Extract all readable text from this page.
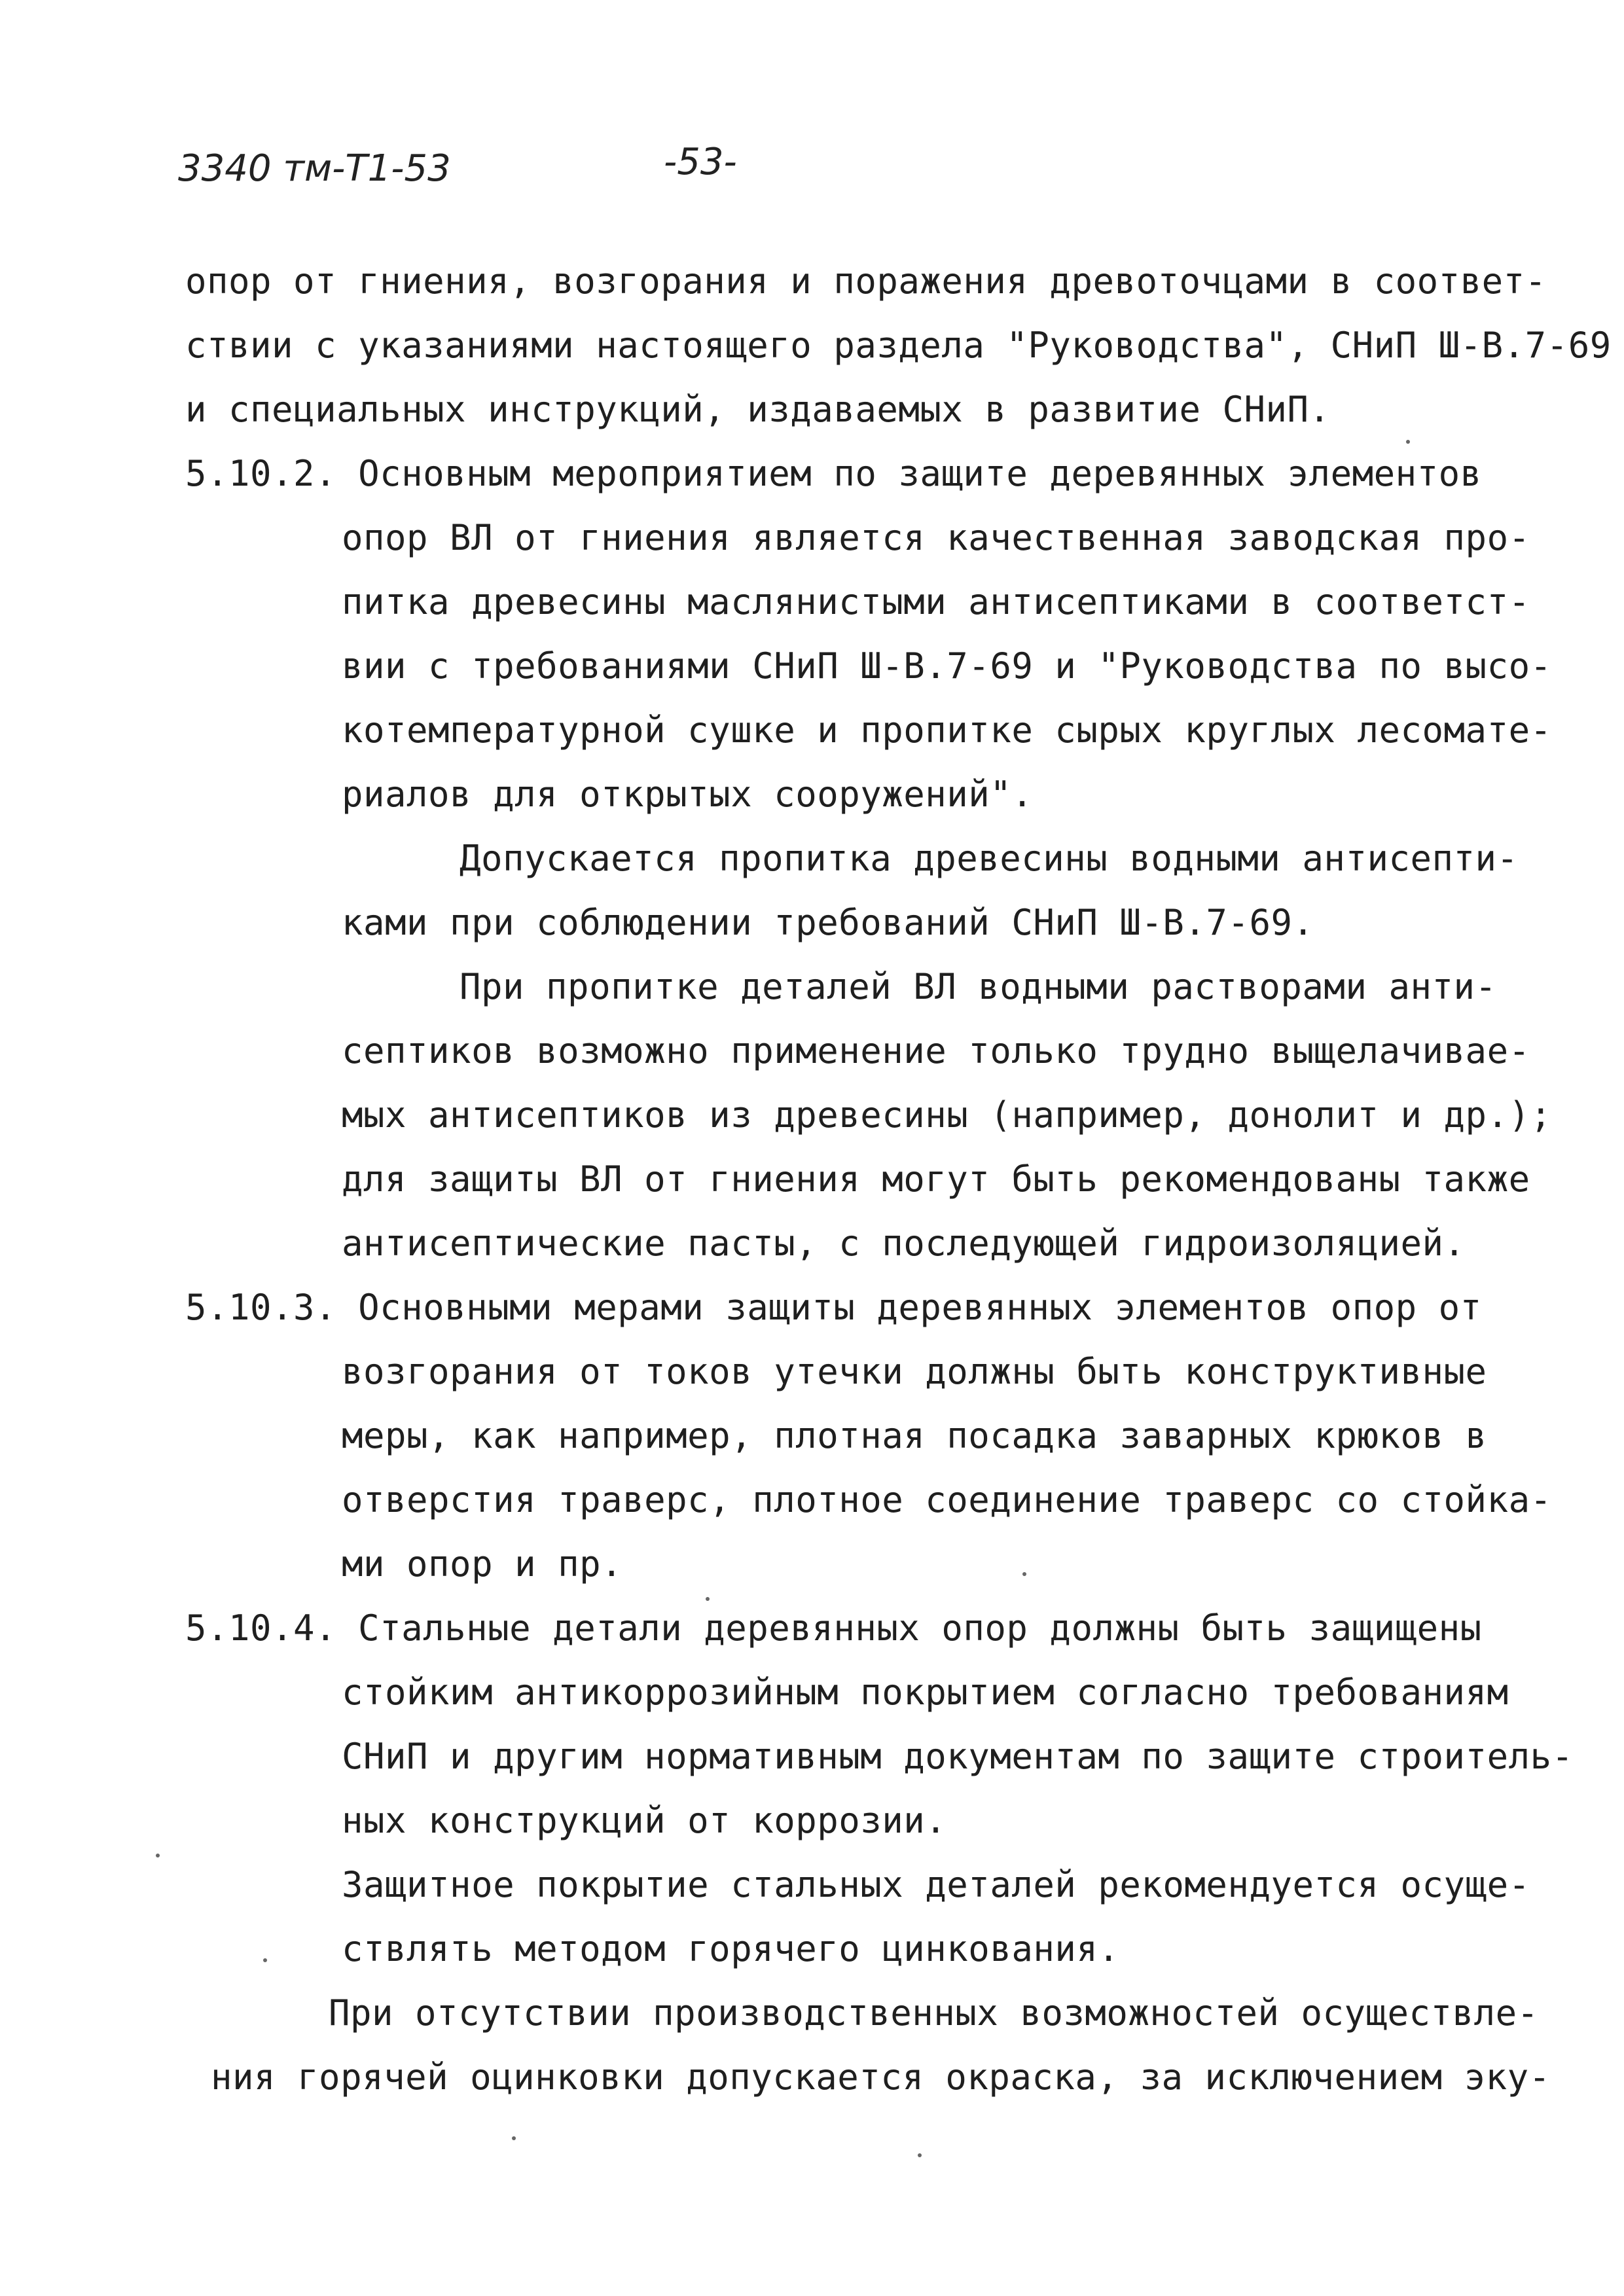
3340 тм-Т1-53	-53-
опор от гниения, возгорания и поражения древоточцами в соответ-
ствии с указаниями настоящего раздела "Руководства", СНиП Ш-В.7-69
и специальных инструкций, издаваемых в развитие СНиП.
5.10.2. Основным мероприятием по защите деревянных элементов
опор ВЛ от гниения является качественная заводская про-
питка древесины маслянистыми антисептиками в соответст-
вии с требованиями СНиП Ш-В.7-69 и "Руководства по высо-
котемпературной сушке и пропитке сырых круглых лесомате-
риалов для открытых сооружений".
Допускается пропитка древесины водными антисепти-
ками при соблюдении требований СНиП Ш-В.7-69.
При пропитке деталей ВЛ водными растворами анти-
септиков возможно применение только трудно выщелачивае-
мых антисептиков из древесины (например, донолит и др.);
для защиты ВЛ от гниения могут быть рекомендованы также
антисептические пасты, с последующей гидроизоляцией.
5.10.3. Основными мерами защиты деревянных элементов опор от
возгорания от токов утечки должны быть конструктивные
меры, как например, плотная посадка заварных крюков в
отверстия траверс, плотное соединение траверс со стойка-
ми опор и пр.
5.10.4. Стальные детали деревянных опор должны быть защищены
стойким антикоррозийным покрытием согласно требованиям
СНиП и другим нормативным документам по защите строитель-
ных конструкций от коррозии.
Защитное покрытие стальных деталей рекомендуется осуще-
ствлять методом горячего цинкования.
При отсутствии производственных возможностей осуществле-
ния горячей оцинковки допускается окраска, за исключением эку-
